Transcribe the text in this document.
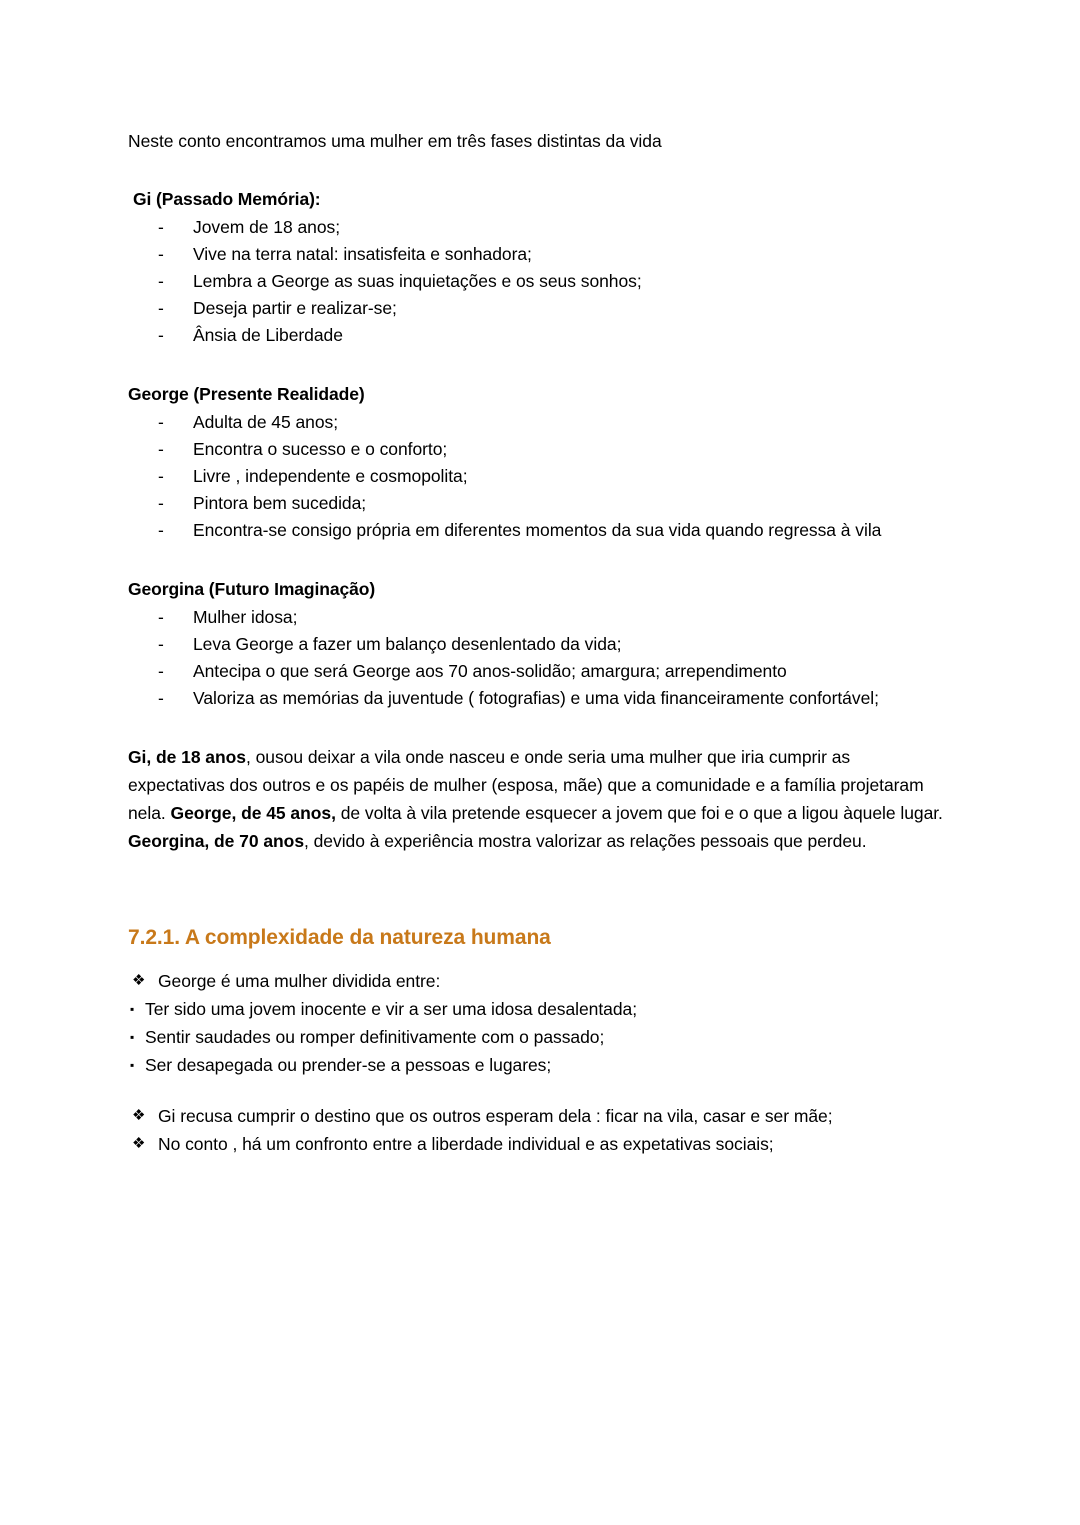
Neste conto encontramos uma mulher em três fases distintas da vida

Gi (Passado Memória):
- Jovem de 18 anos;
- Vive na terra natal: insatisfeita e sonhadora;
- Lembra a George as suas inquietações e os seus sonhos;
- Deseja partir e realizar-se;
- Ânsia de Liberdade
George (Presente Realidade)
- Adulta de 45 anos;
- Encontra o sucesso e o conforto;
- Livre , independente e cosmopolita;
- Pintora bem sucedida;
- Encontra-se consigo própria em diferentes momentos da sua vida quando regressa à vila
Georgina (Futuro Imaginação)
- Mulher idosa;
- Leva George a fazer um balanço desenlentado da vida;
- Antecipa o que será George aos 70 anos-solidão; amargura; arrependimento
- Valoriza as memórias da juventude ( fotografias) e uma vida financeiramente confortável;

Gi, de 18 anos, ousou deixar a vila onde nasceu e onde seria uma mulher que iria cumprir as expectativas dos outros e os papéis de mulher (esposa, mãe) que a comunidade e a família projetaram nela. George, de 45 anos, de volta à vila pretende esquecer a jovem que foi e o que a ligou àquele lugar. Georgina, de 70 anos, devido à experiência mostra valorizar as relações pessoais que perdeu.

7.2.1. A complexidade da natureza humana
❖ George é uma mulher dividida entre:
▪ Ter sido uma jovem inocente e vir a ser uma idosa desalentada;
▪ Sentir saudades ou romper definitivamente com o passado;
▪ Ser desapegada ou prender-se a pessoas e lugares;
❖ Gi recusa cumprir o destino que os outros esperam dela : ficar na vila, casar e ser mãe;
❖ No conto , há um confronto entre a liberdade individual e as expetativas sociais;
